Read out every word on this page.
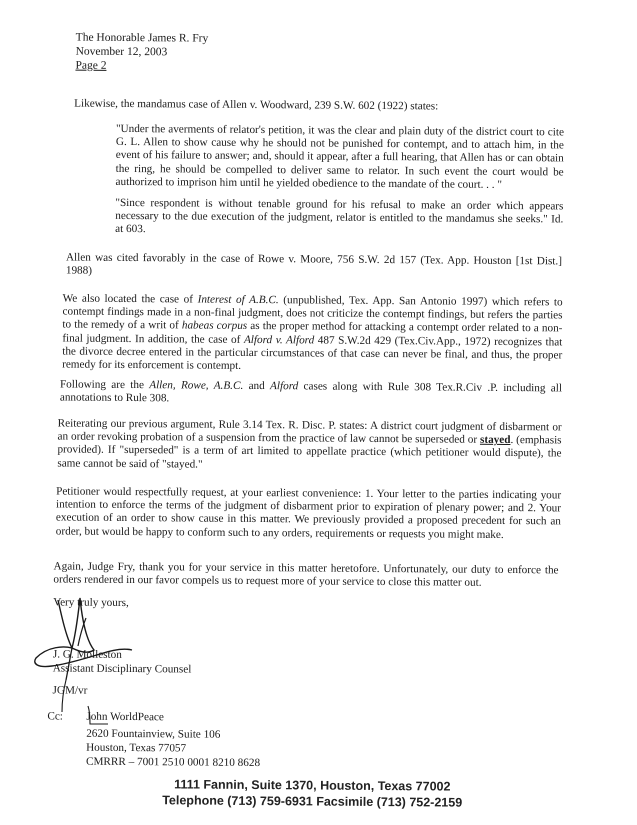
The Honorable James R. Fry
November 12, 2003
Page 2
Likewise, the mandamus case of Allen v. Woodward, 239 S.W. 602 (1922) states:
"Under the averments of relator's petition, it was the clear and plain duty of the district court to cite G. L. Allen to show cause why he should not be punished for contempt, and to attach him, in the event of his failure to answer; and, should it appear, after a full hearing, that Allen has or can obtain the ring, he should be compelled to deliver same to relator. In such event the court would be authorized to imprison him until he yielded obedience to the mandate of the court. . . "
"Since respondent is without tenable ground for his refusal to make an order which appears necessary to the due execution of the judgment, relator is entitled to the mandamus she seeks." Id. at 603.
Allen was cited favorably in the case of Rowe v. Moore, 756 S.W. 2d 157 (Tex. App. Houston [1st Dist.] 1988)
We also located the case of Interest of A.B.C. (unpublished, Tex. App. San Antonio 1997) which refers to contempt findings made in a non-final judgment, does not criticize the contempt findings, but refers the parties to the remedy of a writ of habeas corpus as the proper method for attacking a contempt order related to a non-final judgment. In addition, the case of Alford v. Alford 487 S.W.2d 429 (Tex.Civ.App., 1972) recognizes that the divorce decree entered in the particular circumstances of that case can never be final, and thus, the proper remedy for its enforcement is contempt.
Following are the Allen, Rowe, A.B.C. and Alford cases along with Rule 308 Tex.R.Civ .P. including all annotations to Rule 308.
Reiterating our previous argument, Rule 3.14 Tex. R. Disc. P. states: A district court judgment of disbarment or an order revoking probation of a suspension from the practice of law cannot be superseded or stayed. (emphasis provided). If "superseded" is a term of art limited to appellate practice (which petitioner would dispute), the same cannot be said of "stayed."
Petitioner would respectfully request, at your earliest convenience: 1. Your letter to the parties indicating your intention to enforce the terms of the judgment of disbarment prior to expiration of plenary power; and 2. Your execution of an order to show cause in this matter. We previously provided a proposed precedent for such an order, but would be happy to conform such to any orders, requirements or requests you might make.
Again, Judge Fry, thank you for your service in this matter heretofore. Unfortunately, our duty to enforce the orders rendered in our favor compels us to request more of your service to close this matter out.
Very truly yours,
J. G. Molleston
Assistant Disciplinary Counsel
JGM/vr
Cc: John WorldPeace
2620 Fountainview, Suite 106
Houston, Texas 77057
CMRRR – 7001 2510 0001 8210 8628
1111 Fannin, Suite 1370, Houston, Texas 77002
Telephone (713) 759-6931 Facsimile (713) 752-2159
